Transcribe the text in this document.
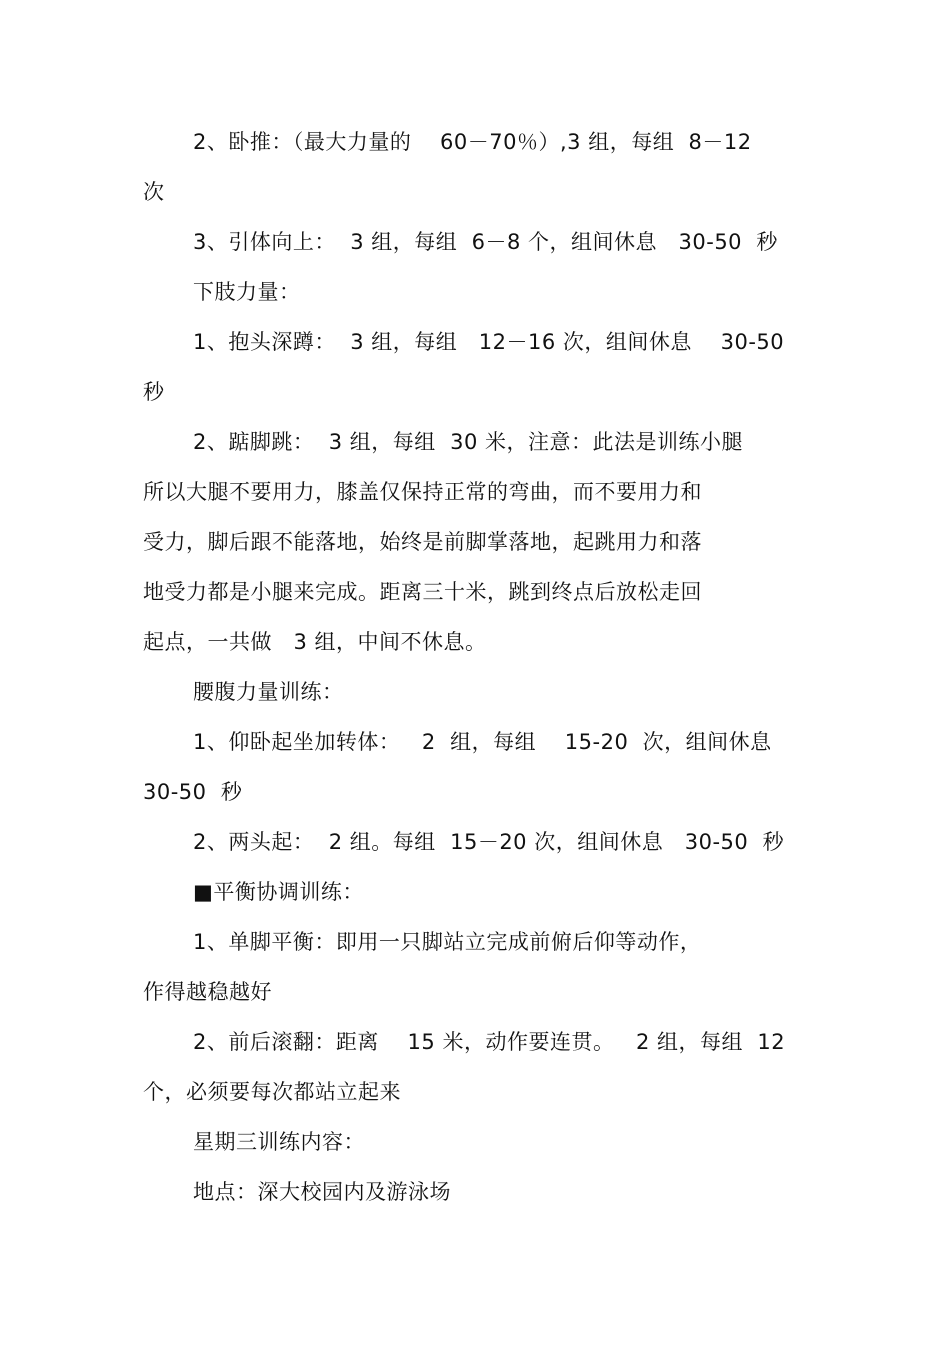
2、卧推：（最大力量的　 60－70％）,3 组，每组  8－12
次
3、引体向上：  3 组，每组  6－8 个，组间休息   30-50  秒
下肢力量：
1、抱头深蹲：  3 组，每组   12－16 次，组间休息    30-50
秒
2、踮脚跳：  3 组，每组  30 米，注意：此法是训练小腿
所以大腿不要用力，膝盖仅保持正常的弯曲，而不要用力和
受力，脚后跟不能落地，始终是前脚掌落地，起跳用力和落
地受力都是小腿来完成。距离三十米，跳到终点后放松走回
起点，一共做   3 组，中间不休息。
腰腹力量训练：
1、仰卧起坐加转体：   2  组，每组    15-20  次，组间休息
30-50  秒
2、两头起：  2 组。每组  15－20 次，组间休息   30-50  秒
■平衡协调训练：
1、单脚平衡：即用一只脚站立完成前俯后仰等动作，
作得越稳越好
2、前后滚翻：距离    15 米，动作要连贯。   2 组，每组  12
个，必须要每次都站立起来
星期三训练内容：
地点：深大校园内及游泳场
